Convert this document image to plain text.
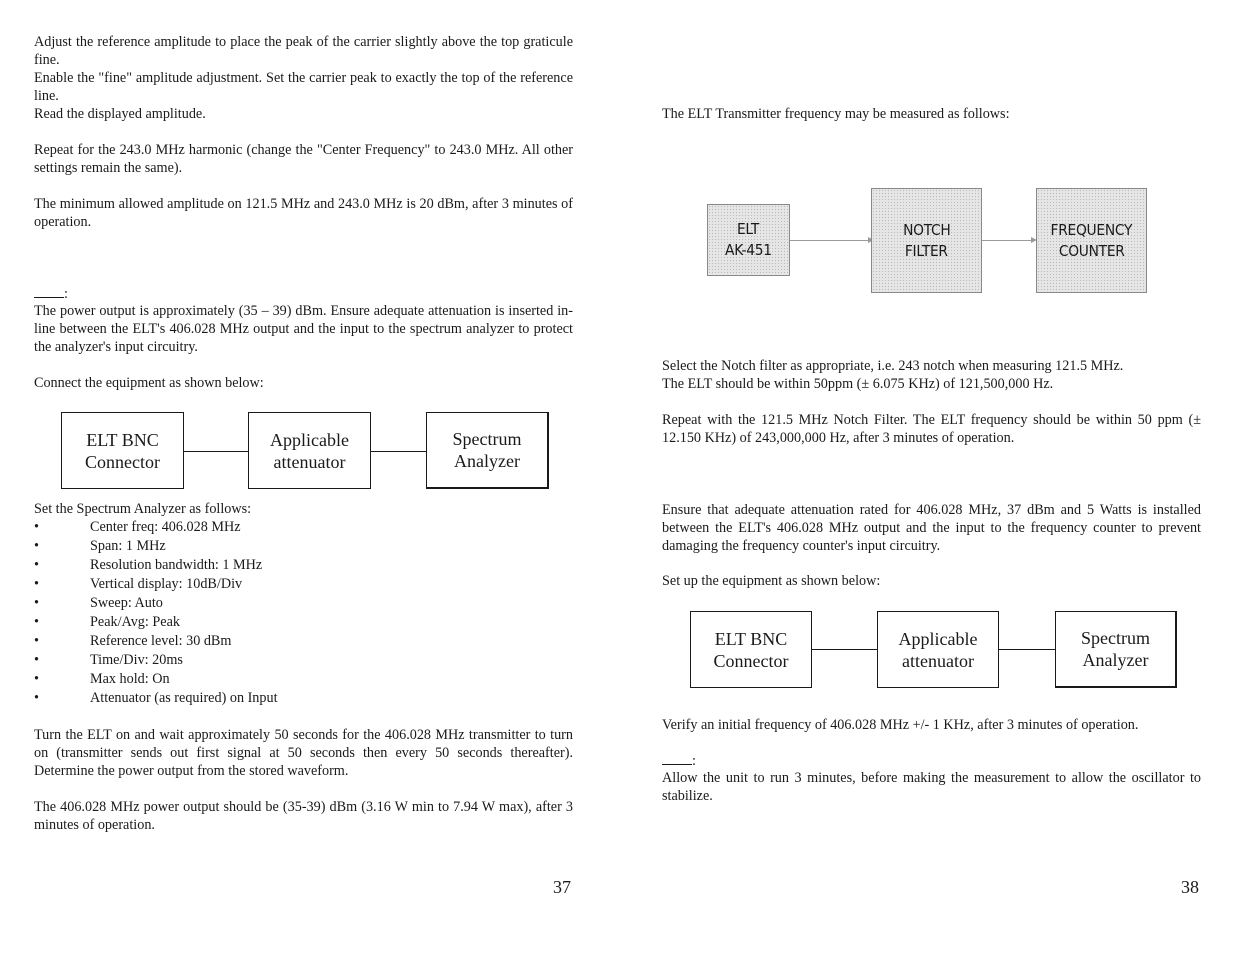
Adjust the reference amplitude to place the peak of the carrier slightly above the top graticule fine.

Enable the "fine" amplitude adjustment. Set the carrier peak to exactly the top of the reference line.

Read the displayed amplitude.

Repeat for the 243.0 MHz harmonic (change the "Center Frequency" to 243.0 MHz. All other settings remain the same).

The minimum allowed amplitude on 121.5 MHz and 243.0 MHz is 20 dBm, after 3 minutes of operation.

:

The power output is approximately (35 – 39) dBm. Ensure adequate attenuation is inserted in-line between the ELT's 406.028 MHz output and the input to the spectrum analyzer to protect the analyzer's input circuitry.

Connect the equipment as shown below:

ELT BNC
Connector
Applicable
attenuator
Spectrum
Analyzer

Set the Spectrum Analyzer as follows:

•	Center freq: 406.028 MHz
•	Span: 1 MHz
•	Resolution bandwidth: 1 MHz
•	Vertical display: 10dB/Div
•	Sweep: Auto
•	Peak/Avg: Peak
•	Reference level: 30 dBm
•	Time/Div: 20ms
•	Max hold: On
•	Attenuator (as required) on Input

Turn the ELT on and wait approximately 50 seconds for the 406.028 MHz transmitter to turn on (transmitter sends out first signal at 50 seconds then every 50 seconds thereafter). Determine the power output from the stored waveform.

The 406.028 MHz power output should be (35-39) dBm (3.16 W min to 7.94 W max), after 3 minutes of operation.

37

The ELT Transmitter frequency may be measured as follows:

ELT
AK-451
NOTCH
FILTER
FREQUENCY
COUNTER

Select the Notch filter as appropriate, i.e. 243 notch when measuring 121.5 MHz.

The ELT should be within 50ppm (± 6.075 KHz) of 121,500,000 Hz.

Repeat with the 121.5 MHz Notch Filter. The ELT frequency should be within 50 ppm (± 12.150 KHz) of 243,000,000 Hz, after 3 minutes of operation.

Ensure that adequate attenuation rated for 406.028 MHz, 37 dBm and 5 Watts is installed between the ELT's 406.028 MHz output and the input to the frequency counter to prevent damaging the frequency counter's input circuitry.

Set up the equipment as shown below:

ELT BNC
Connector
Applicable
attenuator
Spectrum
Analyzer

Verify an initial frequency of 406.028 MHz +/- 1 KHz, after 3 minutes of operation.

:

Allow the unit to run 3 minutes, before making the measurement to allow the oscillator to stabilize.

38
